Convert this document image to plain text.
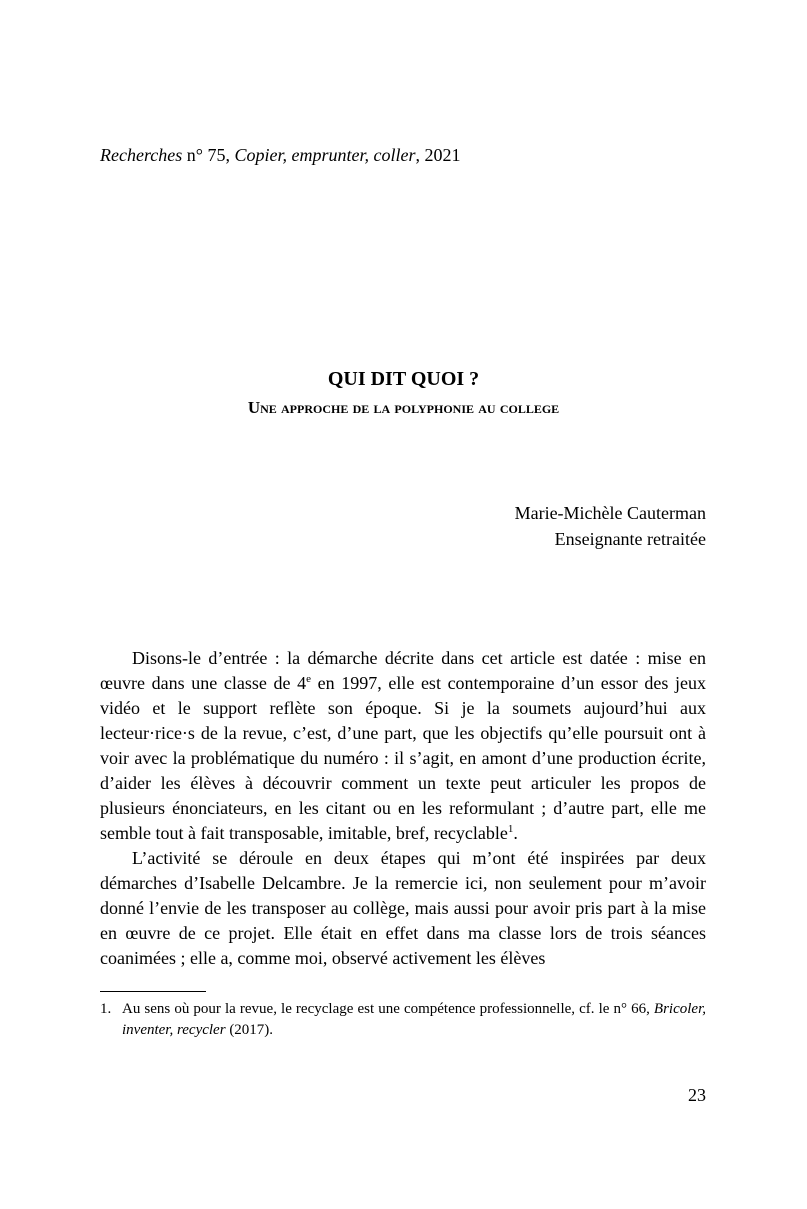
Recherches n° 75, Copier, emprunter, coller, 2021
QUI DIT QUOI ?
Une approche de la polyphonie au college
Marie-Michèle Cauterman
Enseignante retraitée

Disons-le d’entrée : la démarche décrite dans cet article est datée : mise en œuvre dans une classe de 4e en 1997, elle est contemporaine d’un essor des jeux vidéo et le support reflète son époque. Si je la soumets aujourd’hui aux lecteur·rice·s de la revue, c’est, d’une part, que les objectifs qu’elle poursuit ont à voir avec la problématique du numéro : il s’agit, en amont d’une production écrite, d’aider les élèves à découvrir comment un texte peut articuler les propos de plusieurs énonciateurs, en les citant ou en les reformulant ; d’autre part, elle me semble tout à fait transposable, imitable, bref, recyclable$^1$.

L’activité se déroule en deux étapes qui m’ont été inspirées par deux démarches d’Isabelle Delcambre. Je la remercie ici, non seulement pour m’avoir donné l’envie de les transposer au collège, mais aussi pour avoir pris part à la mise en œuvre de ce projet. Elle était en effet dans ma classe lors de trois séances coanimées ; elle a, comme moi, observé activement les élèves

1. Au sens où pour la revue, le recyclage est une compétence professionnelle, cf. le n° 66, Bricoler, inventer, recycler (2017).
23
